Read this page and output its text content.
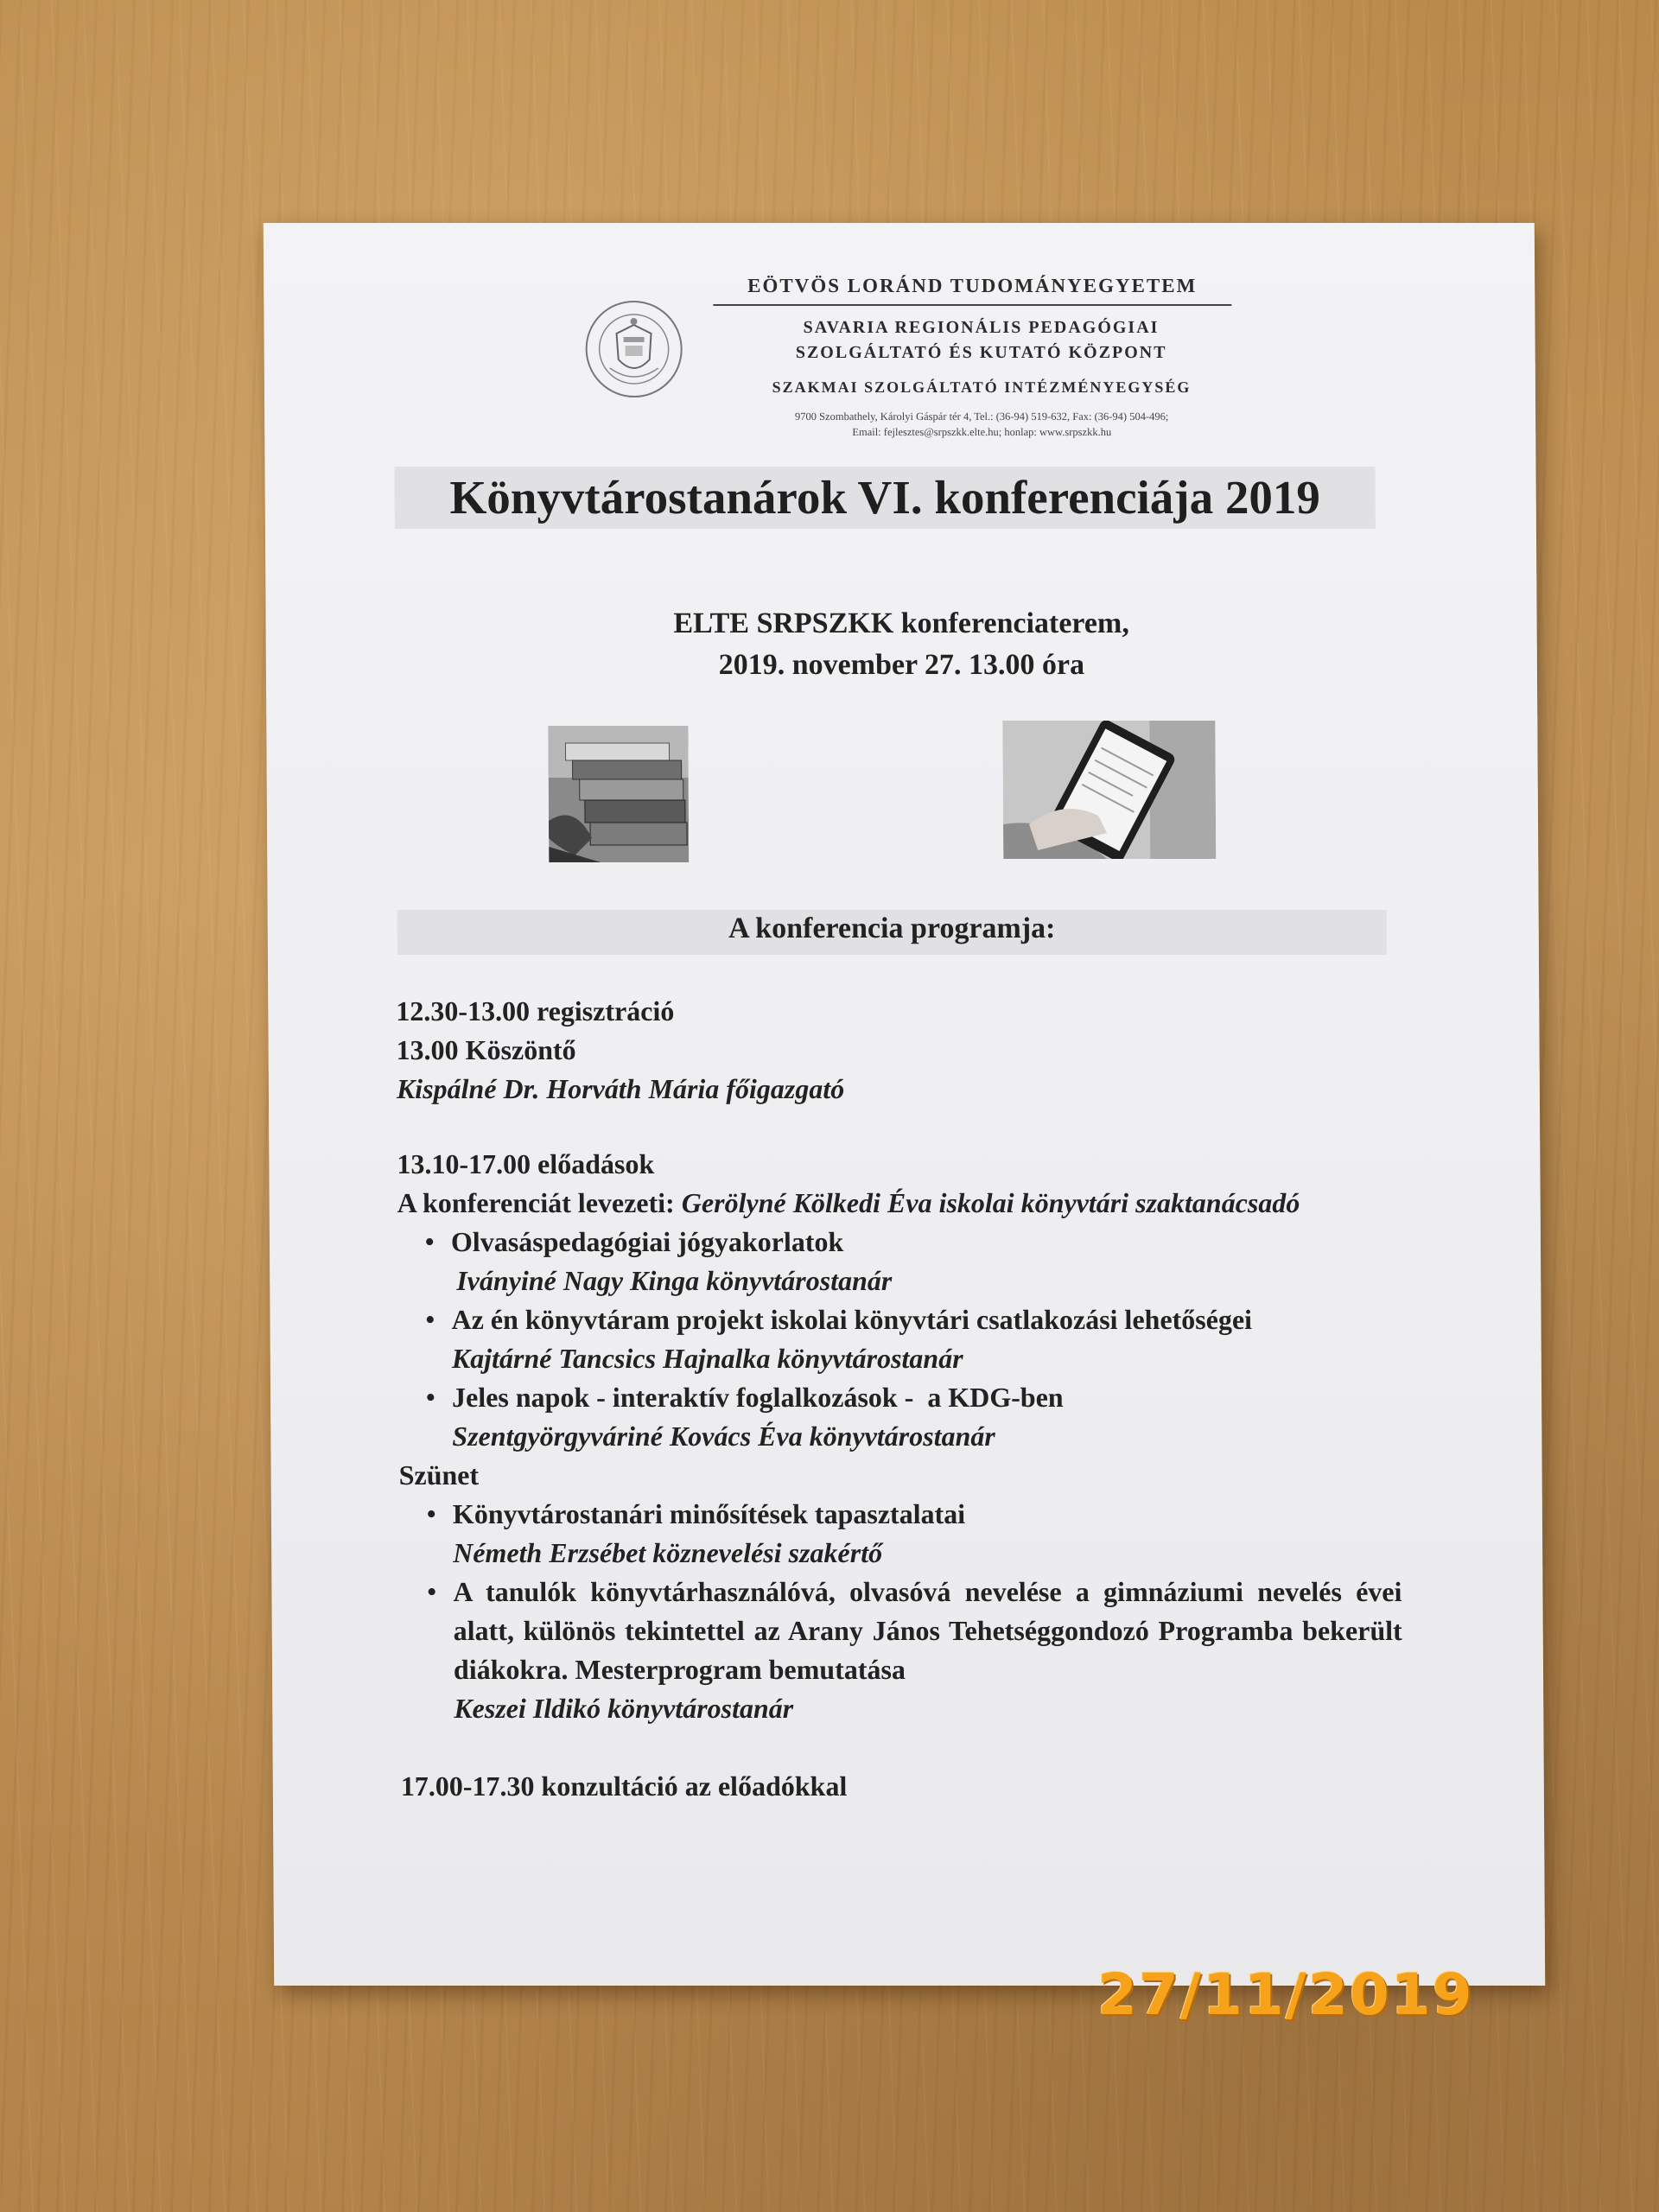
EÖTVÖS LORÁND TUDOMÁNYEGYETEM
SAVARIA REGIONÁLIS PEDAGÓGIAI
SZOLGÁLTATÓ ÉS KUTATÓ KÖZPONT
SZAKMAI SZOLGÁLTATÓ INTÉZMÉNYEGYSÉG
9700 Szombathely, Károlyi Gáspár tér 4, Tel.: (36-94) 519-632, Fax: (36-94) 504-496;
Email: fejlesztes@srpszkk.elte.hu; honlap: www.srpszkk.hu
Könyvtárostanárok VI. konferenciája 2019
ELTE SRPSZKK konferenciaterem,
2019. november 27. 13.00 óra
A konferencia programja:
12.30-13.00 regisztráció
13.00 Köszöntő
Kispálné Dr. Horváth Mária főigazgató
13.10-17.00 előadások
A konferenciát levezeti: Gerölyné Kölkedi Éva iskolai könyvtári szaktanácsadó
• Olvasáspedagógiai jógyakorlatok
Iványiné Nagy Kinga könyvtárostanár
• Az én könyvtáram projekt iskolai könyvtári csatlakozási lehetőségei
Kajtárné Tancsics Hajnalka könyvtárostanár
• Jeles napok - interaktív foglalkozások -  a KDG-ben
Szentgyörgyváriné Kovács Éva könyvtárostanár
Szünet
• Könyvtárostanári minősítések tapasztalatai
Németh Erzsébet köznevelési szakértő
• A tanulók könyvtárhasználóvá, olvasóvá nevelése a gimnáziumi nevelés évei alatt, különös tekintettel az Arany János Tehetséggondozó Programba bekerült diákokra. Mesterprogram bemutatása
Keszei Ildikó könyvtárostanár
17.00-17.30 konzultáció az előadókkal
27/11/2019
